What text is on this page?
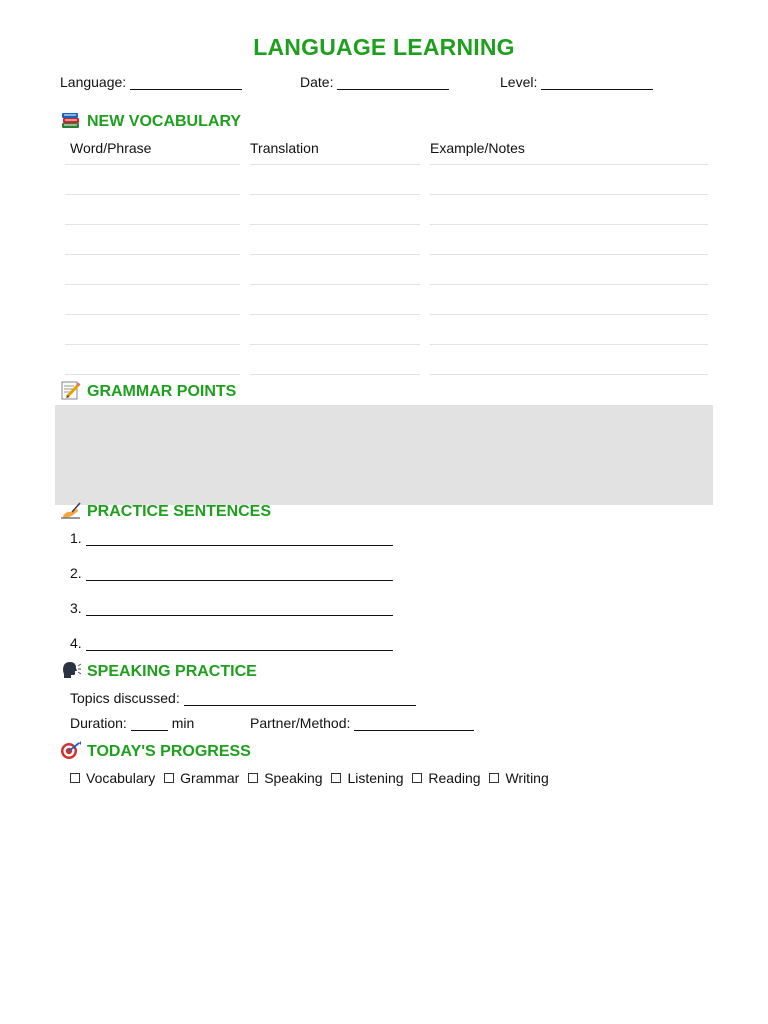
LANGUAGE LEARNING
Language:	Date:	Level:
NEW VOCABULARY
Word/Phrase	Translation	Example/Notes
GRAMMAR POINTS
PRACTICE SENTENCES
1.
2.
3.
4.
SPEAKING PRACTICE
Topics discussed:
Duration:	min	Partner/Method:
TODAY'S PROGRESS
Vocabulary Grammar Speaking Listening Reading Writing
